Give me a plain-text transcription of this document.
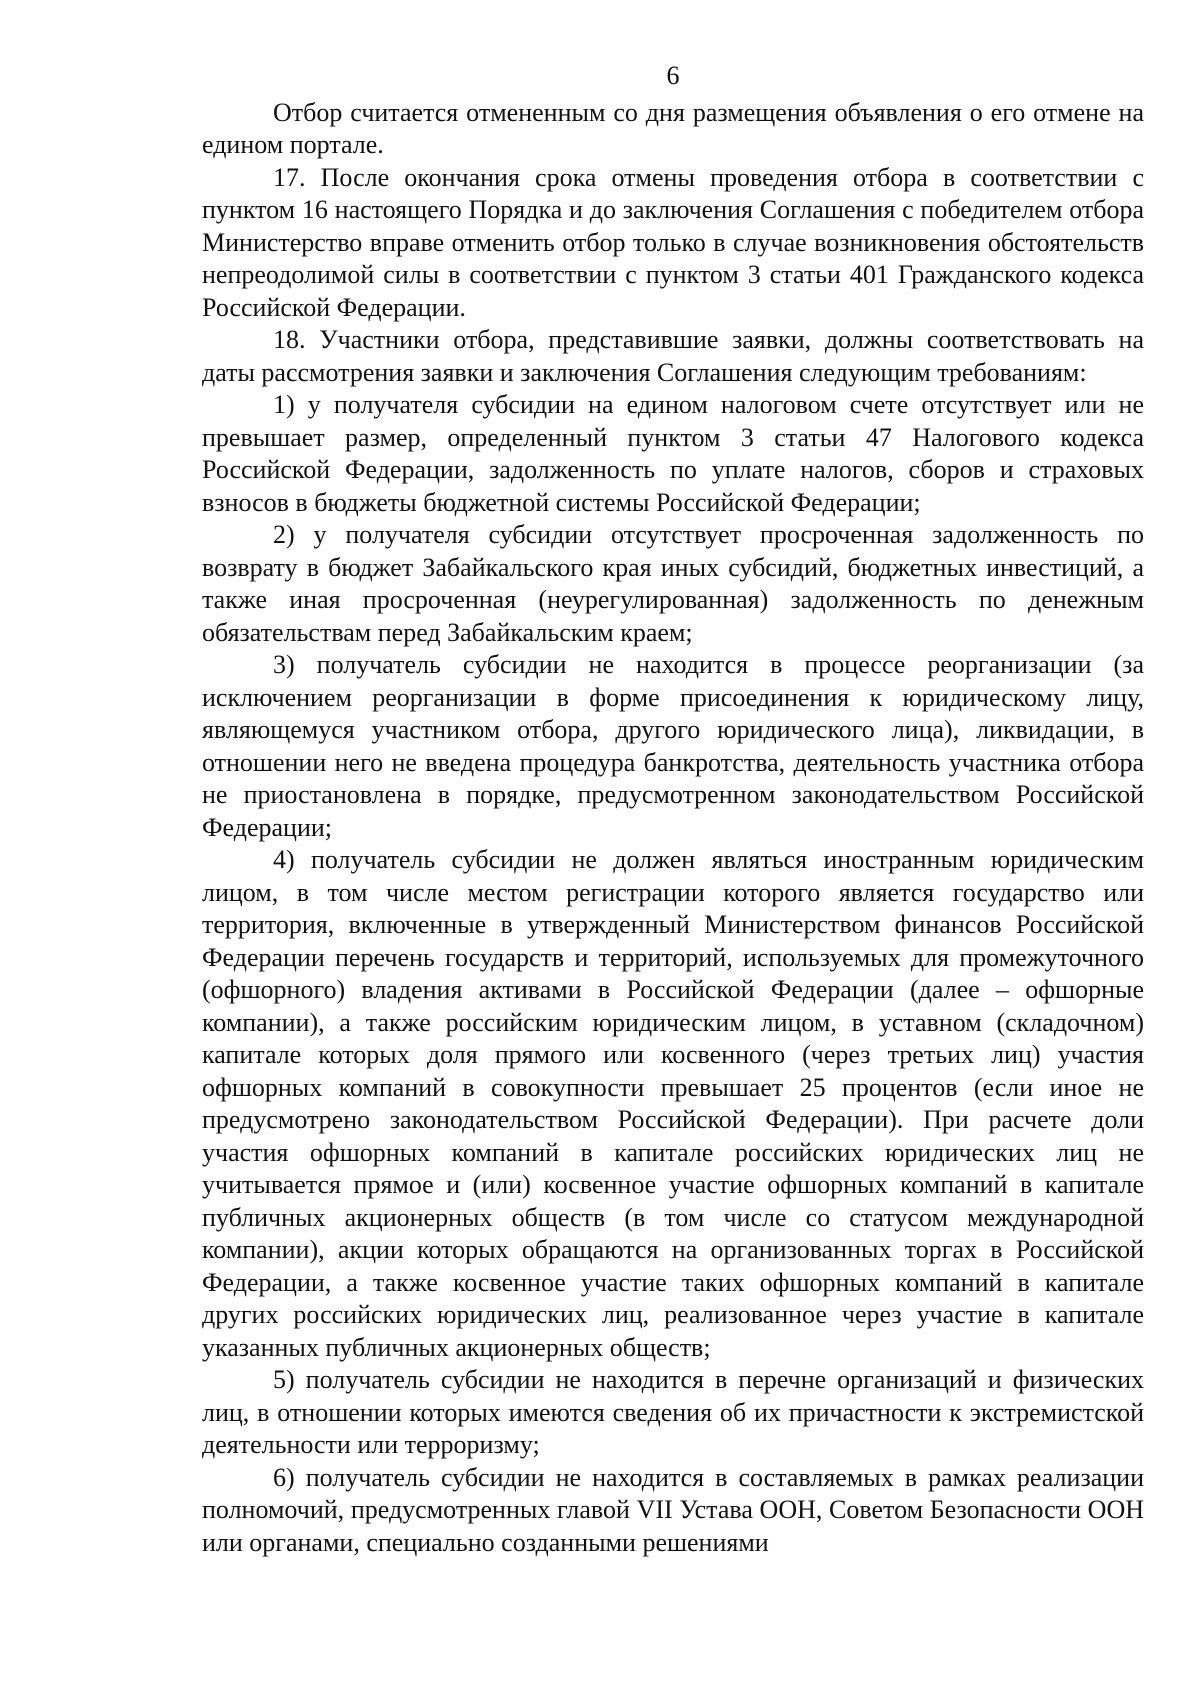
6

Отбор считается отмененным со дня размещения объявления о его отмене на едином портале.

17. После окончания срока отмены проведения отбора в соответствии с пунктом 16 настоящего Порядка и до заключения Соглашения с победителем отбора Министерство вправе отменить отбор только в случае возникновения обстоятельств непреодолимой силы в соответствии с пунктом 3 статьи 401 Гражданского кодекса Российской Федерации.

18. Участники отбора, представившие заявки, должны соответствовать на даты рассмотрения заявки и заключения Соглашения следующим требованиям:

1) у получателя субсидии на едином налоговом счете отсутствует или не превышает размер, определенный пунктом 3 статьи 47 Налогового кодекса Российской Федерации, задолженность по уплате налогов, сборов и страховых взносов в бюджеты бюджетной системы Российской Федерации;

2) у получателя субсидии отсутствует просроченная задолженность по возврату в бюджет Забайкальского края иных субсидий, бюджетных инвестиций, а также иная просроченная (неурегулированная) задолженность по денежным обязательствам перед Забайкальским краем;

3) получатель субсидии не находится в процессе реорганизации (за исключением реорганизации в форме присоединения к юридическому лицу, являющемуся участником отбора, другого юридического лица), ликвидации, в отношении него не введена процедура банкротства, деятельность участника отбора не приостановлена в порядке, предусмотренном законодательством Российской Федерации;

4) получатель субсидии не должен являться иностранным юридическим лицом, в том числе местом регистрации которого является государство или территория, включенные в утвержденный Министерством финансов Российской Федерации перечень государств и территорий, используемых для промежуточного (офшорного) владения активами в Российской Федерации (далее – офшорные компании), а также российским юридическим лицом, в уставном (складочном) капитале которых доля прямого или косвенного (через третьих лиц) участия офшорных компаний в совокупности превышает 25 процентов (если иное не предусмотрено законодательством Российской Федерации). При расчете доли участия офшорных компаний в капитале российских юридических лиц не учитывается прямое и (или) косвенное участие офшорных компаний в капитале публичных акционерных обществ (в том числе со статусом международной компании), акции которых обращаются на организованных торгах в Российской Федерации, а также косвенное участие таких офшорных компаний в капитале других российских юридических лиц, реализованное через участие в капитале указанных публичных акционерных обществ;

5) получатель субсидии не находится в перечне организаций и физических лиц, в отношении которых имеются сведения об их причастности к экстремистской деятельности или терроризму;

6) получатель субсидии не находится в составляемых в рамках реализации полномочий, предусмотренных главой VII Устава ООН, Советом Безопасности ООН или органами, специально созданными решениями
